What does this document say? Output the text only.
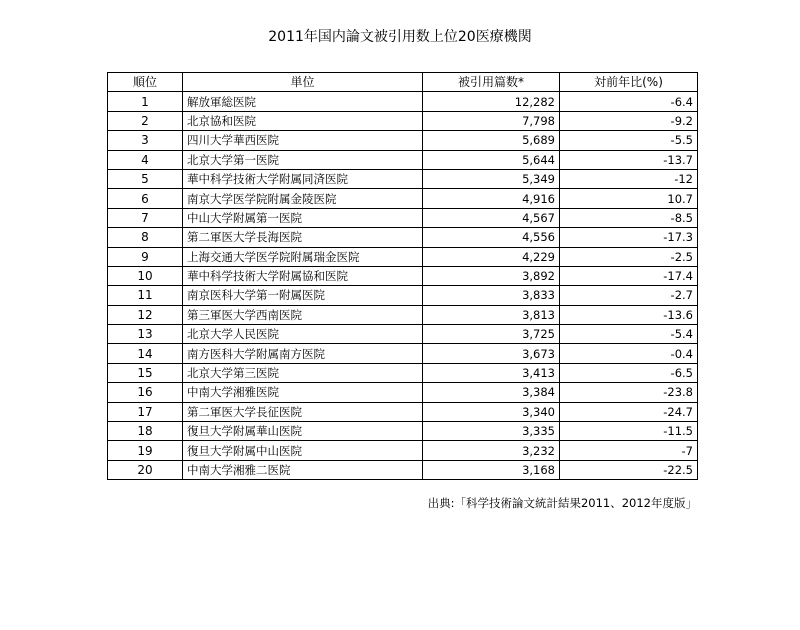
2011年国内論文被引用数上位20医療機関
順位	単位	被引用篇数*	対前年比(%)
1	解放軍総医院	12,282	-6.4
2	北京協和医院	7,798	-9.2
3	四川大学華西医院	5,689	-5.5
4	北京大学第一医院	5,644	-13.7
5	華中科学技術大学附属同済医院	5,349	-12
6	南京大学医学院附属金陵医院	4,916	10.7
7	中山大学附属第一医院	4,567	-8.5
8	第二軍医大学長海医院	4,556	-17.3
9	上海交通大学医学院附属瑞金医院	4,229	-2.5
10	華中科学技術大学附属協和医院	3,892	-17.4
11	南京医科大学第一附属医院	3,833	-2.7
12	第三軍医大学西南医院	3,813	-13.6
13	北京大学人民医院	3,725	-5.4
14	南方医科大学附属南方医院	3,673	-0.4
15	北京大学第三医院	3,413	-6.5
16	中南大学湘雅医院	3,384	-23.8
17	第二軍医大学長征医院	3,340	-24.7
18	復旦大学附属華山医院	3,335	-11.5
19	復旦大学附属中山医院	3,232	-7
20	中南大学湘雅二医院	3,168	-22.5
出典:「科学技術論文統計結果2011、2012年度版」
